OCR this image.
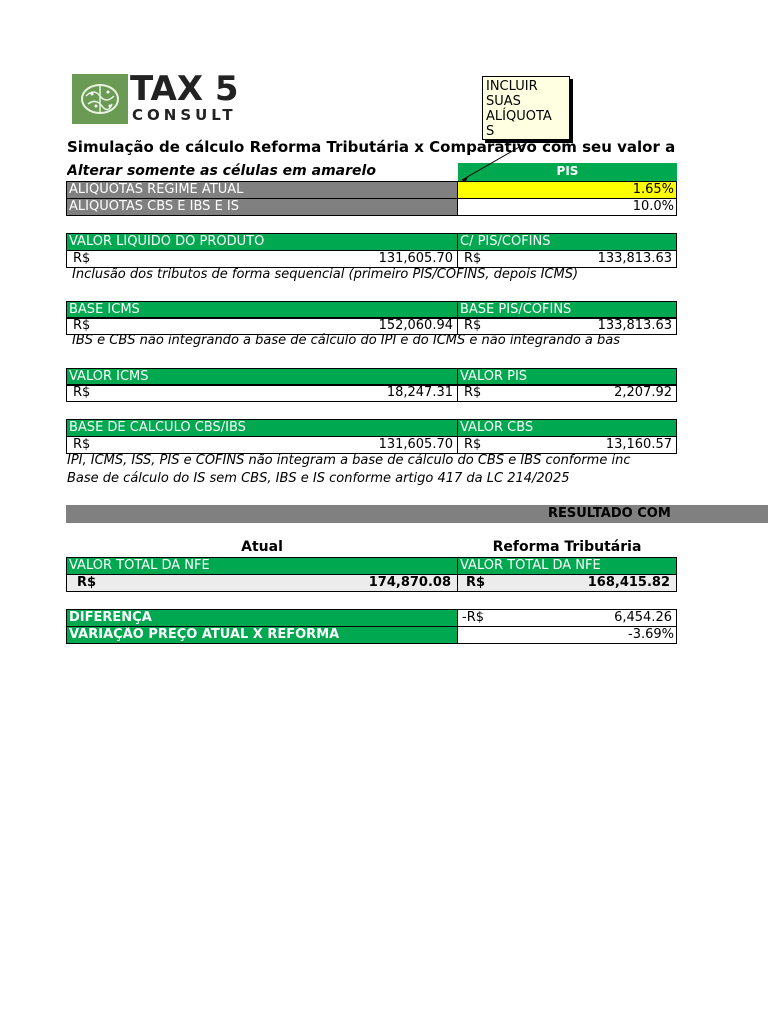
TAX 5
CONSULT
INCLUIR
SUAS
ALÍQUOTA
S
Simulação de cálculo Reforma Tributária x Comparativo com seu valor a
Alterar somente as células em amarelo	PIS
ALIQUOTAS REGIME ATUAL	1.65%
ALÍQUOTAS CBS E IBS E IS	10.0%
VALOR LÍQUIDO DO PRODUTO	C/ PIS/COFINS
R$	131,605.70 R$	133,813.63
Inclusão dos tributos de forma sequencial (primeiro PIS/COFINS, depois ICMS)
BASE ICMS	BASE PIS/COFINS
R$	152,060.94 R$	133,813.63
IBS e CBS não integrando a base de cálculo do IPI e do ICMS e não integrando a bas
VALOR ICMS	VALOR PIS
R$	18,247.31 R$	2,207.92
BASE DE CÁLCULO CBS/IBS	VALOR CBS
R$	131,605.70 R$	13,160.57
IPI, ICMS, ISS, PIS e COFINS não integram a base de cálculo do CBS e IBS conforme inc
Base de cálculo do IS sem CBS, IBS e IS conforme artigo 417 da LC 214/2025
RESULTADO COM
Atual	Reforma Tributária
VALOR TOTAL DA NFE	VALOR TOTAL DA NFE
R$	174,870.08	R$	168,415.82
DIFERENÇA	-R$	6,454.26
VARIAÇÃO PREÇO ATUAL X REFORMA	-3.69%
